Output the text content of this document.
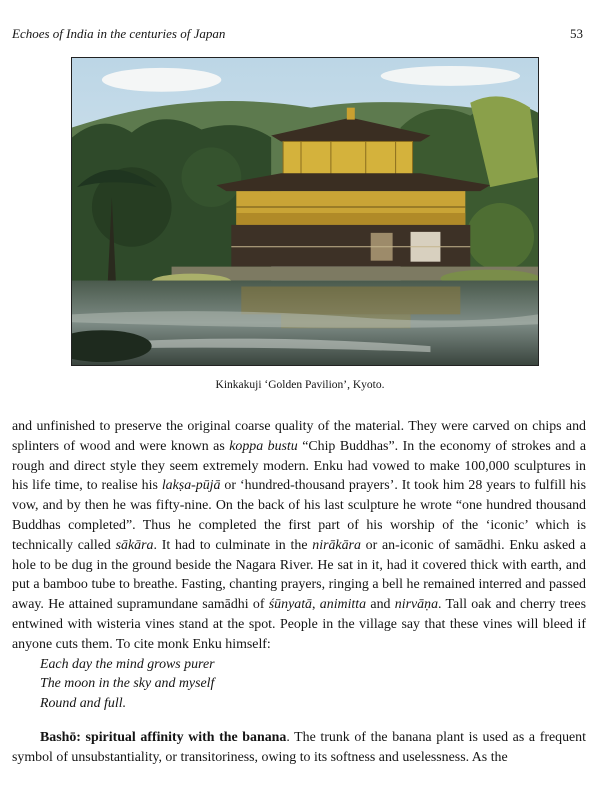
Echoes of India in the centuries of Japan	53
Kinkakuji ‘Golden Pavilion’, Kyoto.

and unfinished to preserve the original coarse quality of the material. They were carved on chips and splinters of wood and were known as koppa bustu “Chip Buddhas”. In the economy of strokes and a rough and direct style they seem extremely modern. Enku had vowed to make 100,000 sculptures in his life time, to realise his lakṣa-pūjā or ‘hundred-thousand prayers’. It took him 28 years to fulfill his vow, and by then he was fifty-nine. On the back of his last sculpture he wrote “one hundred thousand Buddhas completed”. Thus he completed the first part of his worship of the ‘iconic’ which is technically called sākāra. It had to culminate in the nirākāra or an-iconic of samādhi. Enku asked a hole to be dug in the ground beside the Nagara River. He sat in it, had it covered thick with earth, and put a bamboo tube to breathe. Fasting, chanting prayers, ringing a bell he remained interred and passed away. He attained supramundane samādhi of śūnyatā, animitta and nirvāṇa. Tall oak and cherry trees entwined with wisteria vines stand at the spot. People in the village say that these vines will bleed if anyone cuts them. To cite monk Enku himself:

Each day the mind grows purer
The moon in the sky and myself
Round and full.

Bashō: spiritual affinity with the banana. The trunk of the banana plant is used as a frequent symbol of unsubstantiality, or transitoriness, owing to its softness and uselessness. As the
